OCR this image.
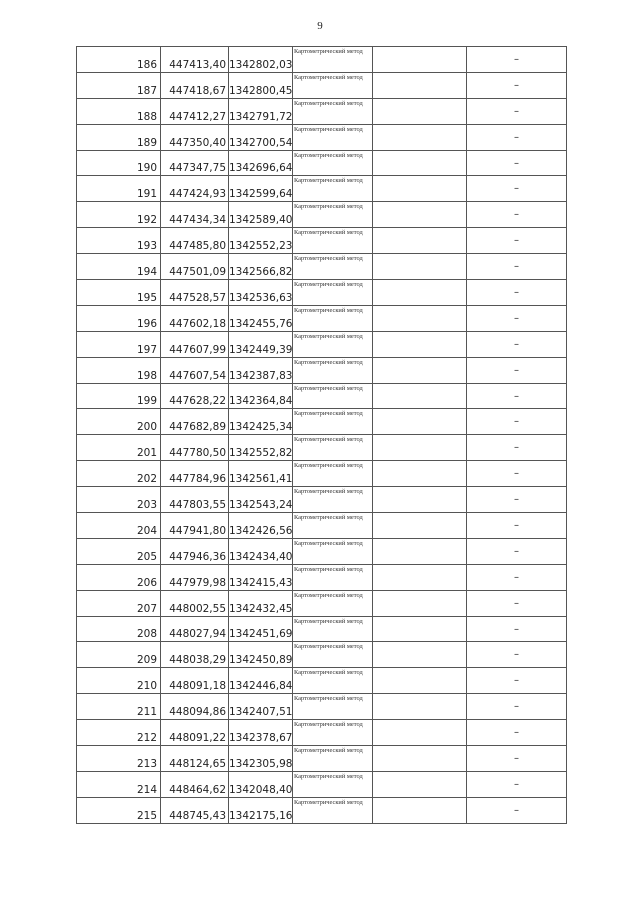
9
186	447413,40	1342802,03	Картометрический метод		–
187	447418,67	1342800,45	Картометрический метод		–
188	447412,27	1342791,72	Картометрический метод		–
189	447350,40	1342700,54	Картометрический метод		–
190	447347,75	1342696,64	Картометрический метод		–
191	447424,93	1342599,64	Картометрический метод		–
192	447434,34	1342589,40	Картометрический метод		–
193	447485,80	1342552,23	Картометрический метод		–
194	447501,09	1342566,82	Картометрический метод		–
195	447528,57	1342536,63	Картометрический метод		–
196	447602,18	1342455,76	Картометрический метод		–
197	447607,99	1342449,39	Картометрический метод		–
198	447607,54	1342387,83	Картометрический метод		–
199	447628,22	1342364,84	Картометрический метод		–
200	447682,89	1342425,34	Картометрический метод		–
201	447780,50	1342552,82	Картометрический метод		–
202	447784,96	1342561,41	Картометрический метод		–
203	447803,55	1342543,24	Картометрический метод		–
204	447941,80	1342426,56	Картометрический метод		–
205	447946,36	1342434,40	Картометрический метод		–
206	447979,98	1342415,43	Картометрический метод		–
207	448002,55	1342432,45	Картометрический метод		–
208	448027,94	1342451,69	Картометрический метод		–
209	448038,29	1342450,89	Картометрический метод		–
210	448091,18	1342446,84	Картометрический метод		–
211	448094,86	1342407,51	Картометрический метод		–
212	448091,22	1342378,67	Картометрический метод		–
213	448124,65	1342305,98	Картометрический метод		–
214	448464,62	1342048,40	Картометрический метод		–
215	448745,43	1342175,16	Картометрический метод		–
